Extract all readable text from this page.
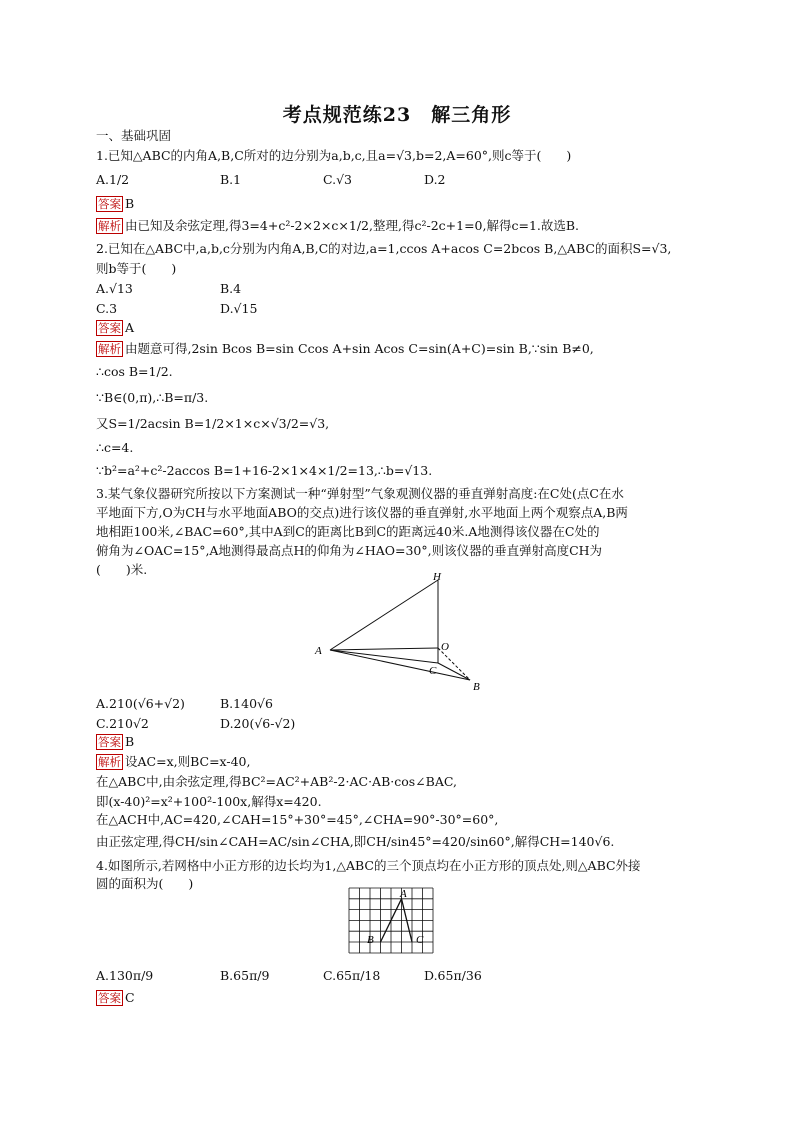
考点规范练23　解三角形
一、基础巩固
1.已知△ABC的内角A,B,C所对的边分别为a,b,c,且a=√3,b=2,A=60°,则c等于(　　)
A.1/2	B.1	C.√3	D.2
答案 B
解析 由已知及余弦定理,得3=4+c²-2×2×c×1/2,整理,得c²-2c+1=0,解得c=1.故选B.
2.已知在△ABC中,a,b,c分别为内角A,B,C的对边,a=1,ccos A+acos C=2bcos B,△ABC的面积S=√3,
则b等于(　　)
A.√13	B.4
C.3	D.√15
答案 A
解析 由题意可得,2sin Bcos B=sin Ccos A+sin Acos C=sin(A+C)=sin B,∵sin B≠0,
∴cos B=1/2.
∵B∈(0,π),∴B=π/3.
又S=1/2acsin B=1/2×1×c×√3/2=√3,
∴c=4.
∵b²=a²+c²-2accos B=1+16-2×1×4×1/2=13,∴b=√13.
3.某气象仪器研究所按以下方案测试一种“弹射型”气象观测仪器的垂直弹射高度:在C处(点C在水
平地面下方,O为CH与水平地面ABO的交点)进行该仪器的垂直弹射,水平地面上两个观察点A,B两
地相距100米,∠BAC=60°,其中A到C的距离比B到C的距离远40米.A地测得该仪器在C处的
俯角为∠OAC=15°,A地测得最高点H的仰角为∠HAO=30°,则该仪器的垂直弹射高度CH为
(　　)米.	H
A	O
C
B
A.210(√6+√2)	B.140√6
C.210√2	D.20(√6-√2)
答案 B
解析 设AC=x,则BC=x-40,
在△ABC中,由余弦定理,得BC²=AC²+AB²-2·AC·AB·cos∠BAC,
即(x-40)²=x²+100²-100x,解得x=420.
在△ACH中,AC=420,∠CAH=15°+30°=45°,∠CHA=90°-30°=60°,
由正弦定理,得CH/sin∠CAH=AC/sin∠CHA,即CH/sin45°=420/sin60°,解得CH=140√6.
4.如图所示,若网格中小正方形的边长均为1,△ABC的三个顶点均在小正方形的顶点处,则△ABC外接
圆的面积为(　　)
A
B	C
A.130π/9	B.65π/9	C.65π/18	D.65π/36
答案 C
